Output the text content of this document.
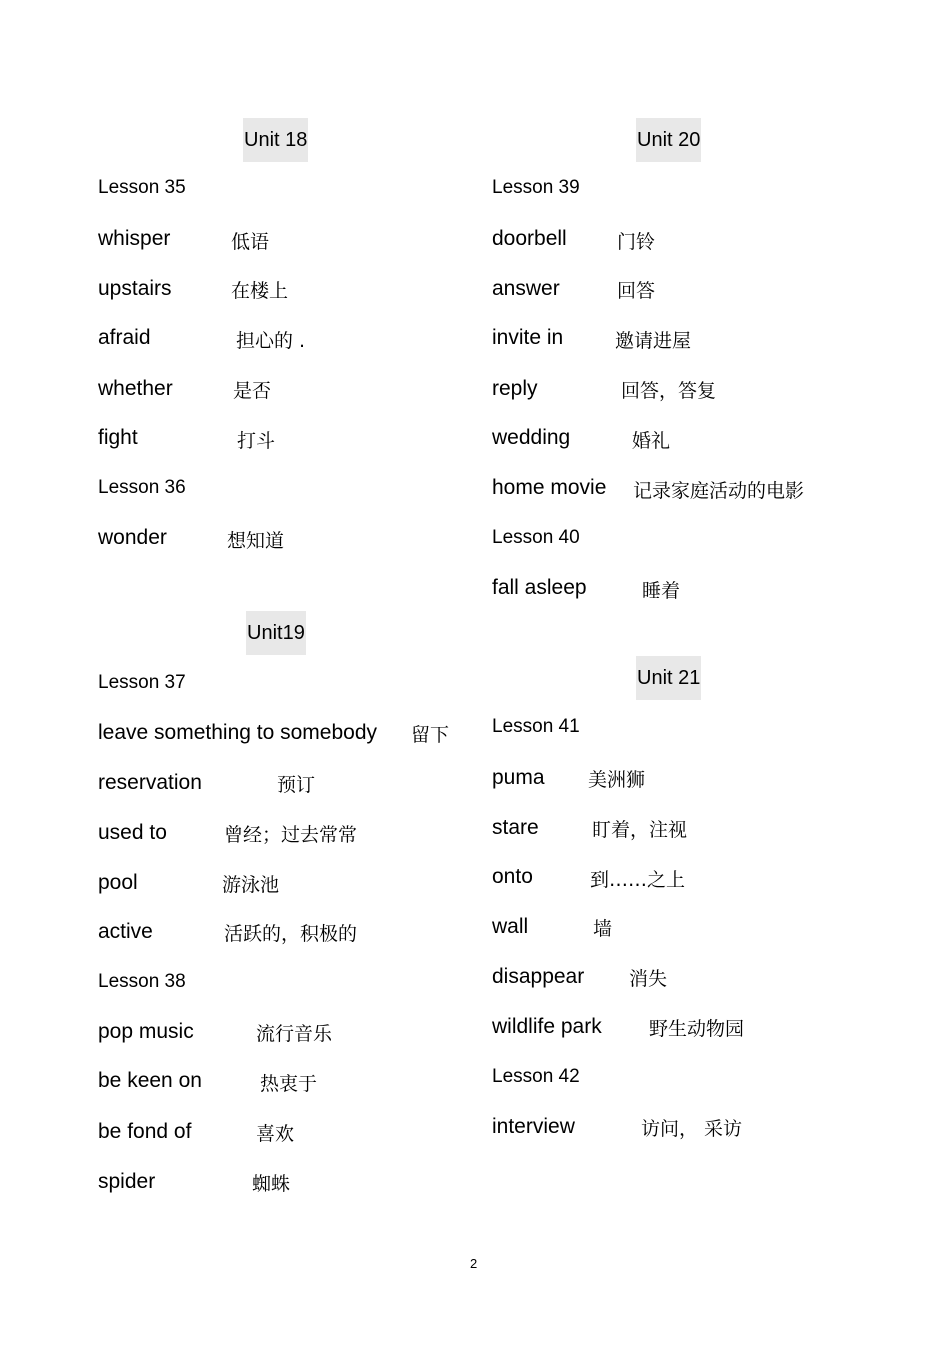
Unit 18
Lesson 35
whisper	低语
upstairs	在楼上
afraid	担心的 .
whether	是否
fight	打斗
Lesson 36
wonder	想知道
Unit19
Lesson 37
leave something to somebody 留下
reservation	预订
used to	曾经；过去常常
pool	游泳池
active	活跃的，积极的
Lesson 38
pop music	流行音乐
be keen on	热衷于
be fond of	喜欢
spider	蜘蛛
Unit 20
Lesson 39
doorbell	门铃
answer	回答
invite in	邀请进屋
reply	回答，答复
wedding	婚礼
home movie 记录家庭活动的电影
Lesson 40
fall asleep	睡着
Unit 21
Lesson 41
puma 美洲狮
stare	盯着，注视
onto	到……之上
wall	墙
disappear 消失
wildlife park 野生动物园
Lesson 42
interview	访问， 采访
2
